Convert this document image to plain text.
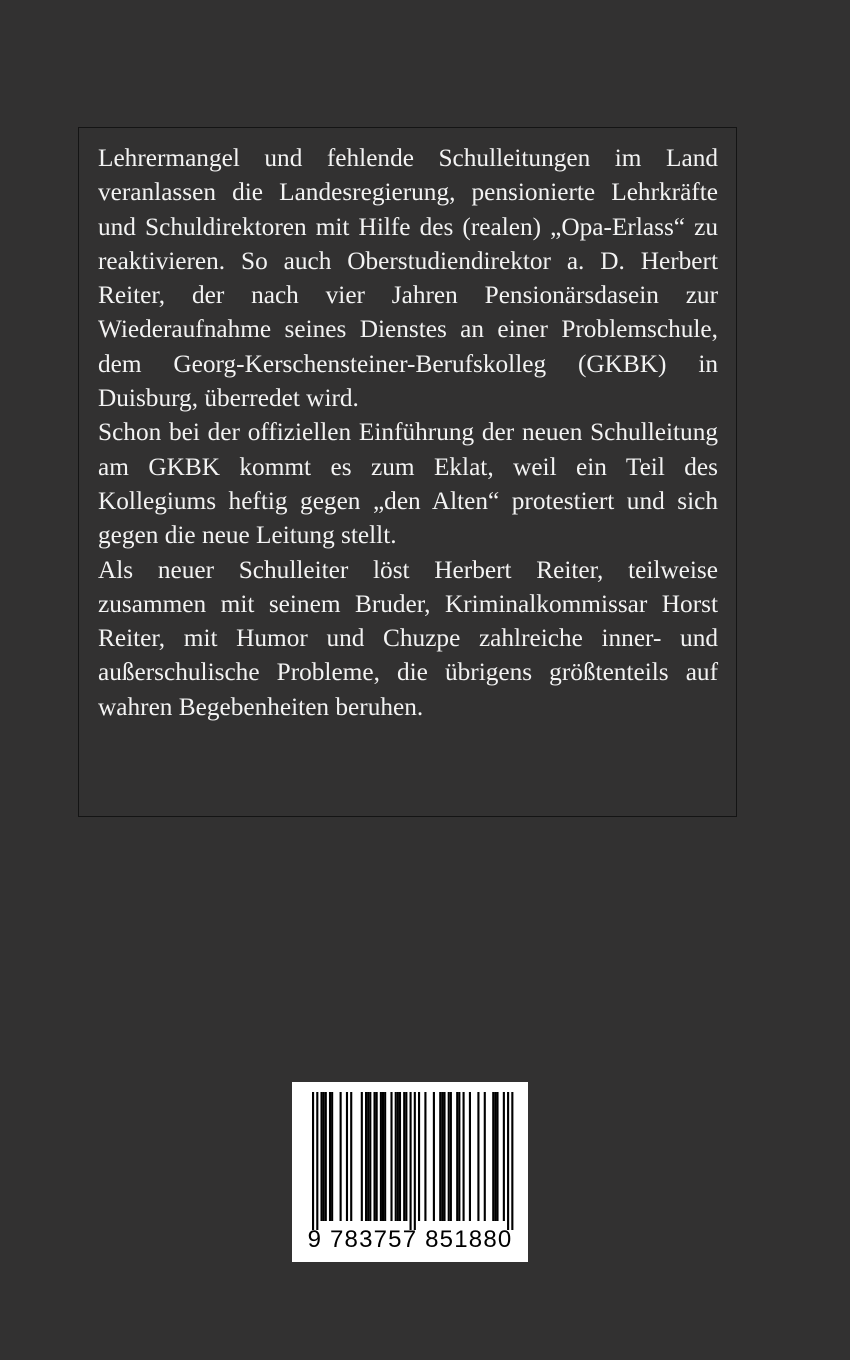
Lehrermangel und fehlende Schulleitungen im Land veranlassen die Landesregierung, pensionierte Lehrkräfte und Schuldirektoren mit Hilfe des (realen) „Opa-Erlass“ zu reaktivieren. So auch Oberstudiendirektor a. D. Herbert Reiter, der nach vier Jahren Pensionärsdasein zur Wiederaufnahme seines Dienstes an einer Problemschule, dem Georg-Kerschensteiner-Berufskolleg (GKBK) in Duisburg, überredet wird.

Schon bei der offiziellen Einführung der neuen Schulleitung am GKBK kommt es zum Eklat, weil ein Teil des Kollegiums heftig gegen „den Alten“ protestiert und sich gegen die neue Leitung stellt.

Als neuer Schulleiter löst Herbert Reiter, teilweise zusammen mit seinem Bruder, Kriminalkommissar Horst Reiter, mit Humor und Chuzpe zahlreiche inner- und außerschulische Probleme, die übrigens größtenteils auf wahren Begebenheiten beruhen.

9 783757 851880
